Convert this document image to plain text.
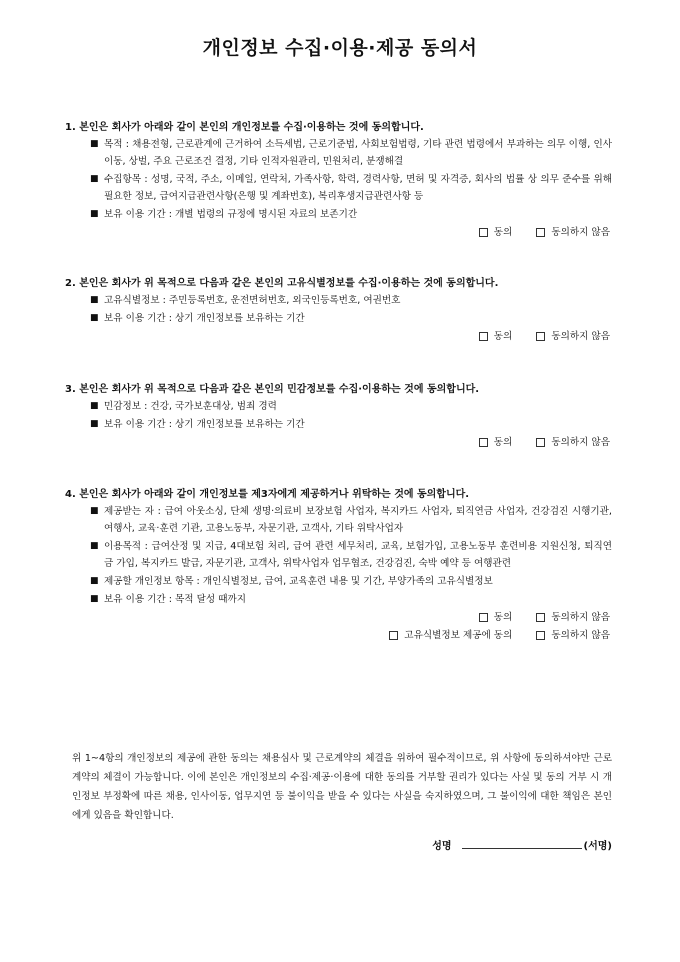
개인정보 수집·이용·제공 동의서
1. 본인은 회사가 아래와 같이 본인의 개인정보를 수집·이용하는 것에 동의합니다.
■ 목적 : 채용전형, 근로관계에 근거하여 소득세법, 근로기준법, 사회보험법령, 기타 관련 법령에서 부과하는 의무 이행, 인사이동, 상벌, 주요 근로조건 결정, 기타 인적자원관리, 민원처리, 분쟁해결
■ 수집항목 : 성명, 국적, 주소, 이메일, 연락처, 가족사항, 학력, 경력사항, 면허 및 자격증, 회사의 법률 상 의무 준수를 위해 필요한 정보, 급여지급관련사항(은행 및 계좌번호), 복리후생지급관련사항 등
■ 보유 이용 기간 : 개별 법령의 규정에 명시된 자료의 보존기간
동의	동의하지 않음
2. 본인은 회사가 위 목적으로 다음과 같은 본인의 고유식별정보를 수집·이용하는 것에 동의합니다.
■ 고유식별정보 : 주민등록번호, 운전면허번호, 외국인등록번호, 여권번호
■ 보유 이용 기간 : 상기 개인정보를 보유하는 기간
동의	동의하지 않음
3. 본인은 회사가 위 목적으로 다음과 같은 본인의 민감정보를 수집·이용하는 것에 동의합니다.
■ 민감정보 : 건강, 국가보훈대상, 범죄 경력
■ 보유 이용 기간 : 상기 개인정보를 보유하는 기간
동의	동의하지 않음
4. 본인은 회사가 아래와 같이 개인정보를 제3자에게 제공하거나 위탁하는 것에 동의합니다.
■ 제공받는 자 : 급여 아웃소싱, 단체 생명·의료비 보장보험 사업자, 복지카드 사업자, 퇴직연금 사업자, 건강검진 시행기관, 여행사, 교육·훈련 기관, 고용노동부, 자문기관, 고객사, 기타 위탁사업자
■ 이용목적 : 급여산정 및 지급, 4대보험 처리, 급여 관련 세무처리, 교육, 보험가입, 고용노동부 훈련비용 지원신청, 퇴직연금 가입, 복지카드 발급, 자문기관, 고객사, 위탁사업자 업무협조, 건강검진, 숙박 예약 등 여행관련
■ 제공할 개인정보 항목 : 개인식별정보, 급여, 교육훈련 내용 및 기간, 부양가족의 고유식별정보
■ 보유 이용 기간 : 목적 달성 때까지
동의	동의하지 않음
고유식별정보 제공에 동의	동의하지 않음
위 1~4항의 개인정보의 제공에 관한 동의는 채용심사 및 근로계약의 체결을 위하여 필수적이므로, 위 사항에 동의하셔야만 근로계약의 체결이 가능합니다. 이에 본인은 개인정보의 수집·제공·이용에 대한 동의를 거부할 권리가 있다는 사실 및 동의 거부 시 개인정보 부정확에 따른 채용, 인사이동, 업무지연 등 불이익을 받을 수 있다는 사실을 숙지하였으며, 그 불이익에 대한 책임은 본인에게 있음을 확인합니다.
성명	(서명)
